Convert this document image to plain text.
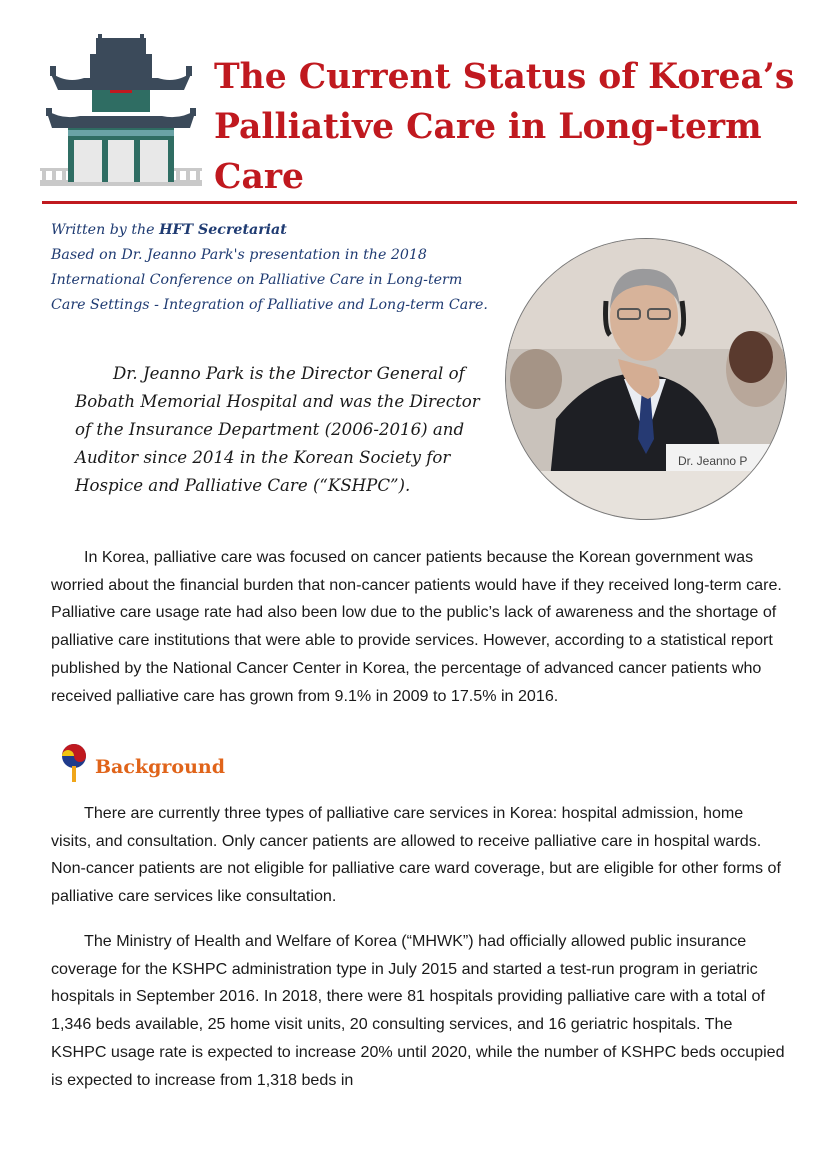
The Current Status of Korea’s Palliative Care in Long-term Care
Written by the HFT Secretariat
Based on Dr. Jeanno Park's presentation in the 2018 International Conference on Palliative Care in Long-term Care Settings - Integration of Palliative and Long-term Care.
Dr. Jeanno Park is the Director General of Bobath Memorial Hospital and was the Director of the Insurance Department (2006-2016) and Auditor since 2014 in the Korean Society for Hospice and Palliative Care (“KSHPC”).
Dr. Jeanno P

In Korea, palliative care was focused on cancer patients because the Korean government was worried about the financial burden that non-cancer patients would have if they received long-term care. Palliative care usage rate had also been low due to the public’s lack of awareness and the shortage of palliative care institutions that were able to provide services. However, according to a statistical report published by the National Cancer Center in Korea, the percentage of advanced cancer patients who received palliative care has grown from 9.1% in 2009 to 17.5% in 2016.

Background

There are currently three types of palliative care services in Korea: hospital admission, home visits, and consultation. Only cancer patients are allowed to receive palliative care in hospital wards. Non-cancer patients are not eligible for palliative care ward coverage, but are eligible for other forms of palliative care services like consultation.

The Ministry of Health and Welfare of Korea (“MHWK”) had officially allowed public insurance coverage for the KSHPC administration type in July 2015 and started a test-run program in geriatric hospitals in September 2016. In 2018, there were 81 hospitals providing palliative care with a total of 1,346 beds available, 25 home visit units, 20 consulting services, and 16 geriatric hospitals. The KSHPC usage rate is expected to increase 20% until 2020, while the number of KSHPC beds occupied is expected to increase from 1,318 beds in
